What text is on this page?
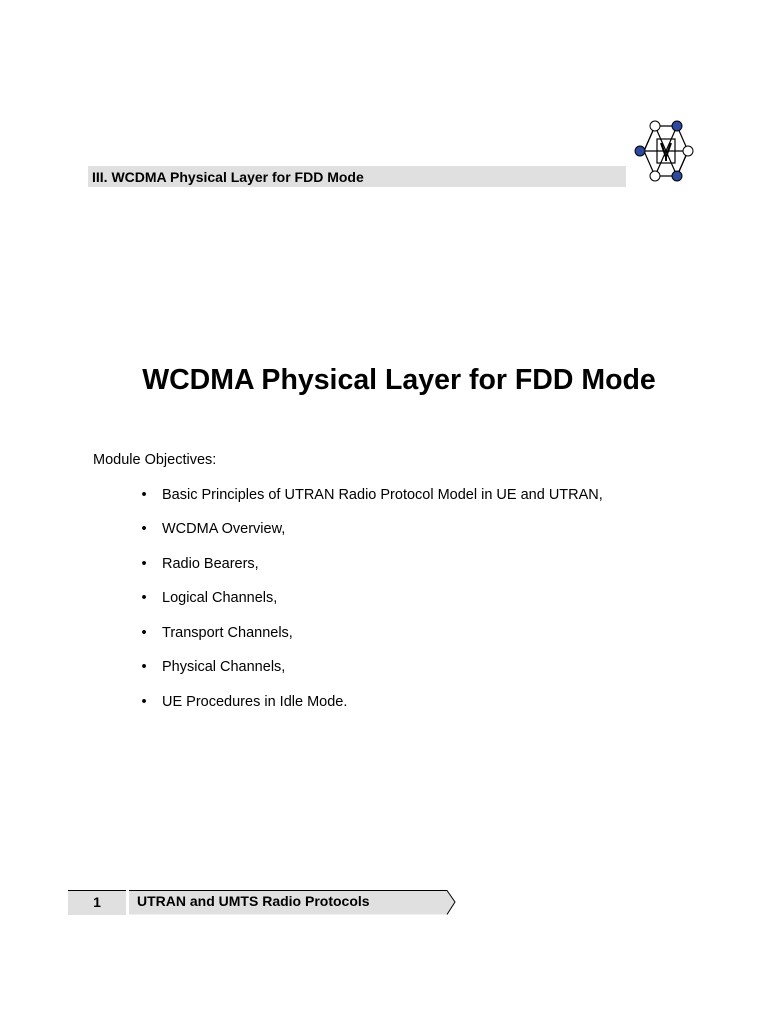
III. WCDMA Physical Layer for FDD Mode
WCDMA Physical Layer for FDD Mode
Module Objectives:
• Basic Principles of UTRAN Radio Protocol Model in UE and UTRAN,
• WCDMA Overview,
• Radio Bearers,
• Logical Channels,
• Transport Channels,
• Physical Channels,
• UE Procedures in Idle Mode.
1	UTRAN and UMTS Radio Protocols
